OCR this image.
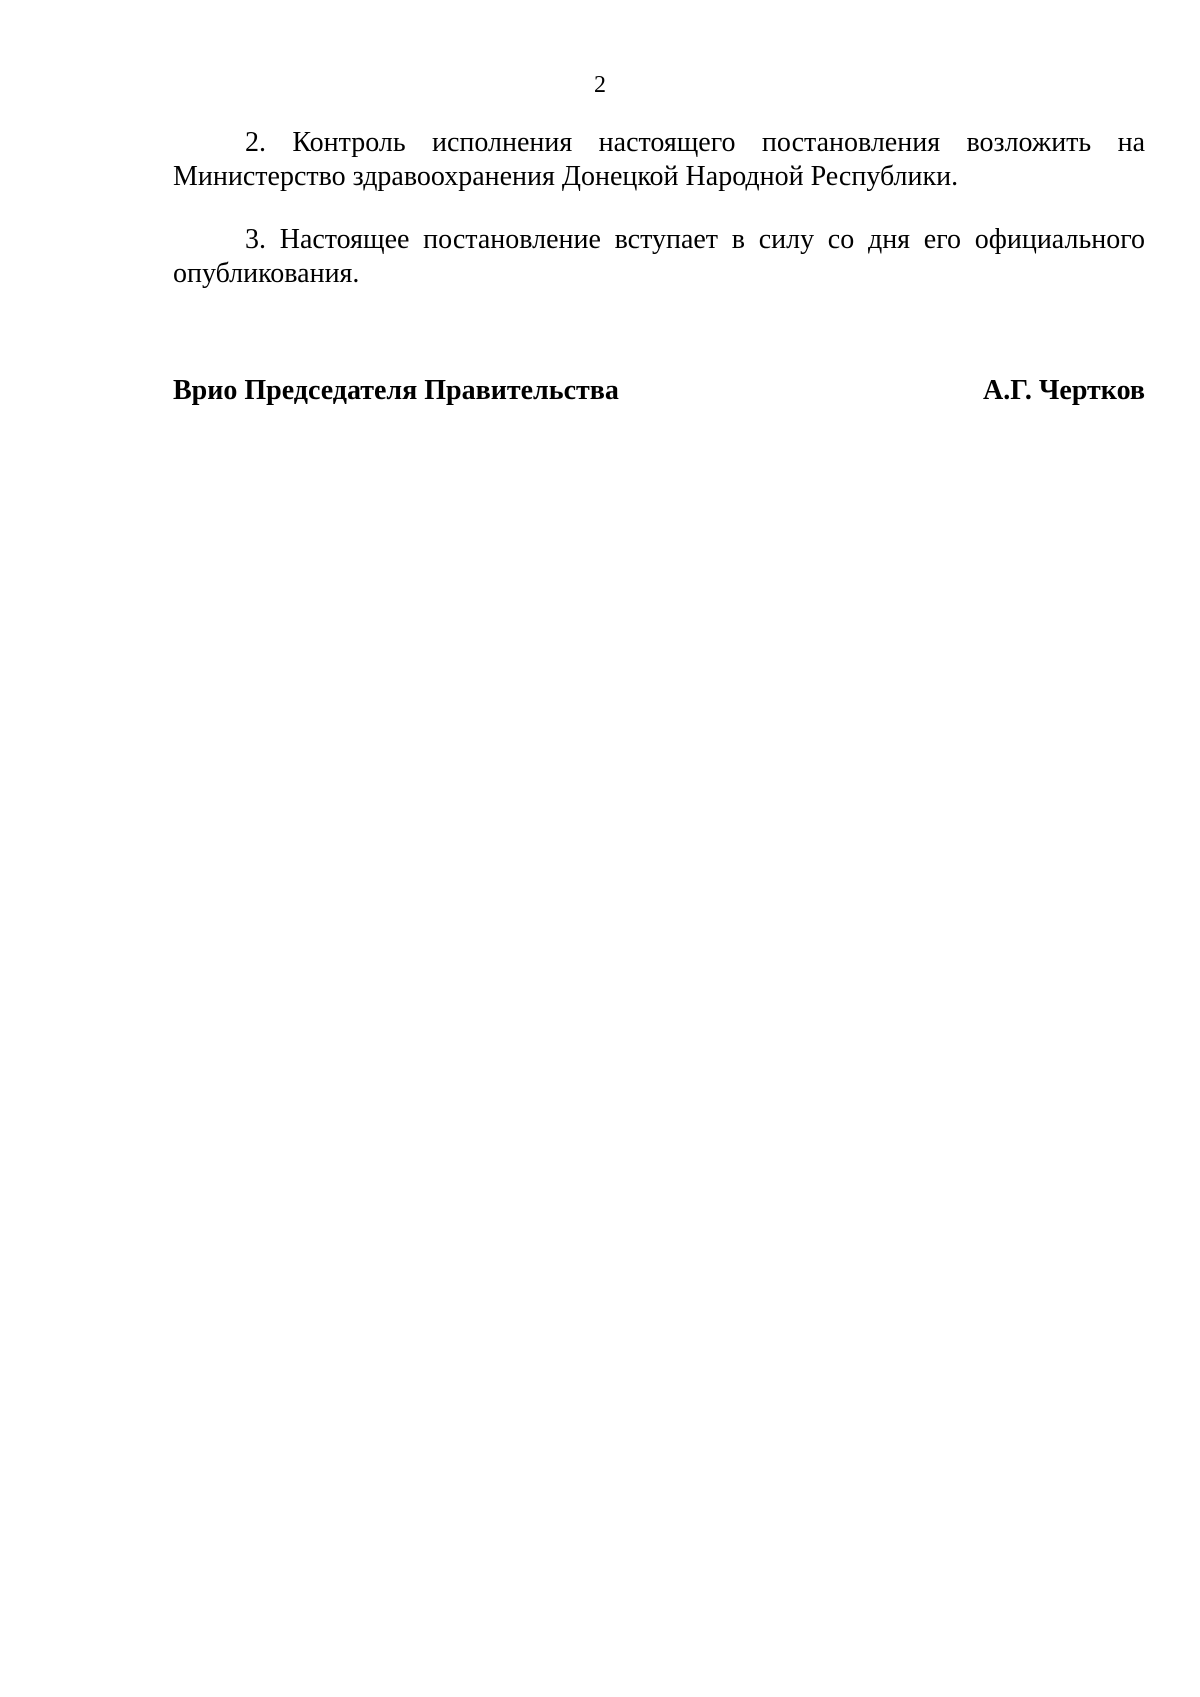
2

2. Контроль исполнения настоящего постановления возложить на Министерство здравоохранения Донецкой Народной Республики.

3. Настоящее постановление вступает в силу со дня его официального опубликования.

Врио Председателя Правительства	А.Г. Чертков
